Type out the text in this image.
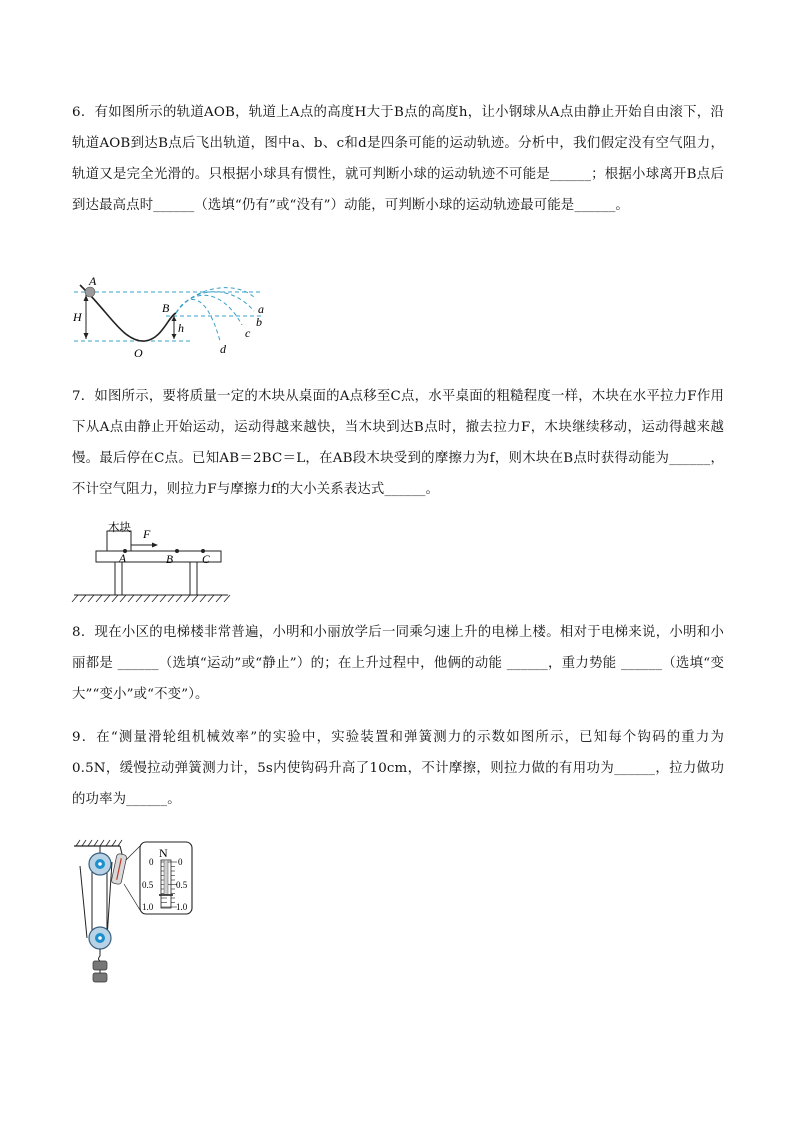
6．有如图所示的轨道AOB，轨道上A点的高度H大于B点的高度h，让小钢球从A点由静止开始自由滚下，沿轨道AOB到达B点后飞出轨道，图中a、b、c和d是四条可能的运动轨迹。分析中，我们假定没有空气阻力，轨道又是完全光滑的。只根据小球具有惯性，就可判断小球的运动轨迹不可能是______；根据小球离开B点后到达最高点时______（选填“仍有”或“没有”）动能，可判断小球的运动轨迹最可能是______。
A
H
O
B
h
a
b
c
d
7．如图所示，要将质量一定的木块从桌面的A点移至C点，水平桌面的粗糙程度一样，木块在水平拉力F作用下从A点由静止开始运动，运动得越来越快，当木块到达B点时，撤去拉力F，木块继续移动，运动得越来越慢。最后停在C点。已知AB＝2BC＝L，在AB段木块受到的摩擦力为f，则木块在B点时获得动能为______，不计空气阻力，则拉力F与摩擦力f的大小关系表达式______。
木块 F
A	B	C
8．现在小区的电梯楼非常普遍，小明和小丽放学后一同乘匀速上升的电梯上楼。相对于电梯来说，小明和小丽都是 ______（选填“运动”或“静止”）的；在上升过程中，他俩的动能 ______，重力势能 ______（选填“变大”“变小”或“不变”）。
9．在“测量滑轮组机械效率”的实验中，实验装置和弹簧测力的示数如图所示，已知每个钩码的重力为0.5N，缓慢拉动弹簧测力计，5s内使钩码升高了10cm，不计摩擦，则拉力做的有用功为______，拉力做功的功率为______。
N
0
0.5
1.0
0
0.5
1.0
